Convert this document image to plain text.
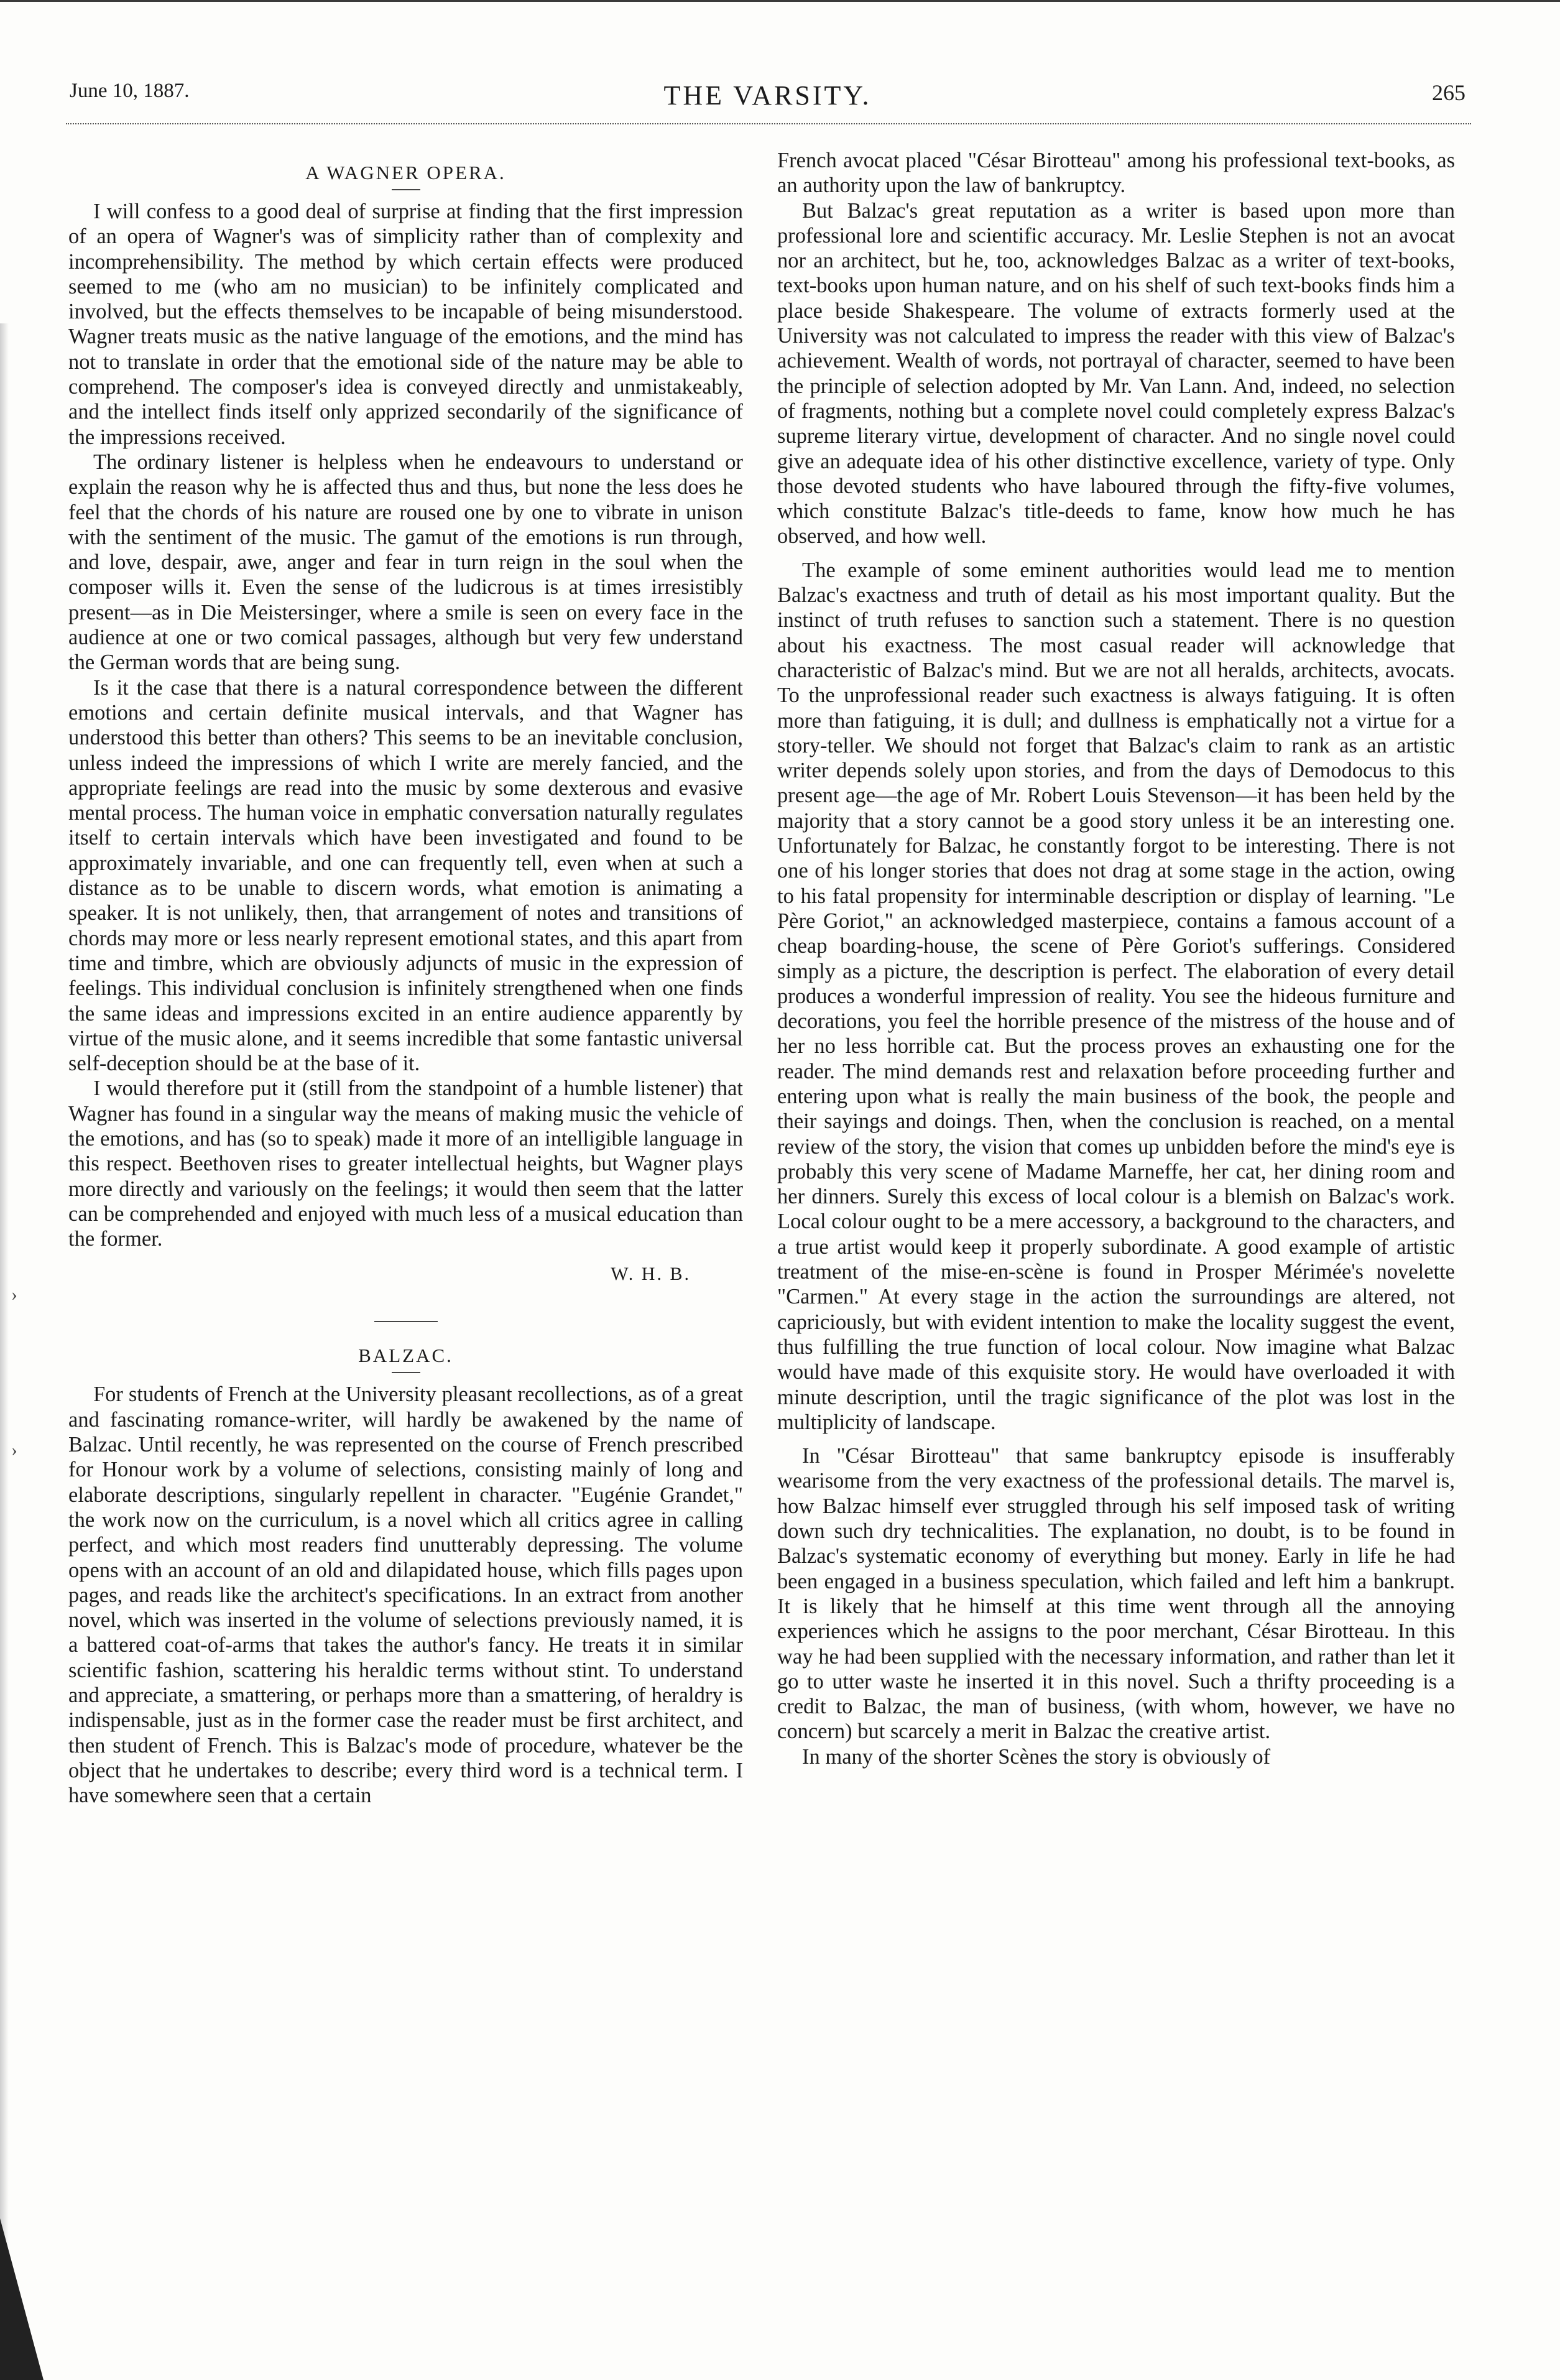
›
›
June 10, 1887.	THE VARSITY.	265
A WAGNER OPERA.

I will confess to a good deal of surprise at finding that the first impression of an opera of Wagner's was of simplicity rather than of complexity and incomprehensibility. The method by which certain effects were produced seemed to me (who am no musician) to be infinitely complicated and involved, but the effects themselves to be incapable of being misunderstood. Wagner treats music as the native language of the emotions, and the mind has not to translate in order that the emotional side of the nature may be able to comprehend. The composer's idea is conveyed directly and unmistakeably, and the intellect finds itself only apprized secondarily of the significance of the impressions received.

The ordinary listener is helpless when he endeavours to understand or explain the reason why he is affected thus and thus, but none the less does he feel that the chords of his nature are roused one by one to vibrate in unison with the sentiment of the music. The gamut of the emotions is run through, and love, despair, awe, anger and fear in turn reign in the soul when the composer wills it. Even the sense of the ludicrous is at times irresistibly present—as in Die Meistersinger, where a smile is seen on every face in the audience at one or two comical passages, although but very few understand the German words that are being sung.

Is it the case that there is a natural correspondence between the different emotions and certain definite musical intervals, and that Wagner has understood this better than others? This seems to be an inevitable conclusion, unless indeed the impressions of which I write are merely fancied, and the appropriate feelings are read into the music by some dexterous and evasive mental process. The human voice in emphatic conversation naturally regulates itself to certain intervals which have been investigated and found to be approximately invariable, and one can frequently tell, even when at such a distance as to be unable to discern words, what emotion is animating a speaker. It is not unlikely, then, that arrangement of notes and transitions of chords may more or less nearly represent emotional states, and this apart from time and timbre, which are obviously adjuncts of music in the expression of feelings. This individual conclusion is infinitely strengthened when one finds the same ideas and impressions excited in an entire audience apparently by virtue of the music alone, and it seems incredible that some fantastic universal self-deception should be at the base of it.

I would therefore put it (still from the standpoint of a humble listener) that Wagner has found in a singular way the means of making music the vehicle of the emotions, and has (so to speak) made it more of an intelligible language in this respect. Beethoven rises to greater intellectual heights, but Wagner plays more directly and variously on the feelings; it would then seem that the latter can be comprehended and enjoyed with much less of a musical education than the former.

W. H. B.
BALZAC.

For students of French at the University pleasant recollections, as of a great and fascinating romance-writer, will hardly be awakened by the name of Balzac. Until recently, he was represented on the course of French prescribed for Honour work by a volume of selections, consisting mainly of long and elaborate descriptions, singularly repellent in character. "Eugénie Grandet," the work now on the curriculum, is a novel which all critics agree in calling perfect, and which most readers find unutterably depressing. The volume opens with an account of an old and dilapidated house, which fills pages upon pages, and reads like the architect's specifications. In an extract from another novel, which was inserted in the volume of selections previously named, it is a battered coat-of-arms that takes the author's fancy. He treats it in similar scientific fashion, scattering his heraldic terms without stint. To understand and appreciate, a smattering, or perhaps more than a smattering, of heraldry is indispensable, just as in the former case the reader must be first architect, and then student of French. This is Balzac's mode of procedure, whatever be the object that he undertakes to describe; every third word is a technical term. I have somewhere seen that a certain

French avocat placed "César Birotteau" among his professional text-books, as an authority upon the law of bankruptcy.

But Balzac's great reputation as a writer is based upon more than professional lore and scientific accuracy. Mr. Leslie Stephen is not an avocat nor an architect, but he, too, acknowledges Balzac as a writer of text-books, text-books upon human nature, and on his shelf of such text-books finds him a place beside Shakespeare. The volume of extracts formerly used at the University was not calculated to impress the reader with this view of Balzac's achievement. Wealth of words, not portrayal of character, seemed to have been the principle of selection adopted by Mr. Van Lann. And, indeed, no selection of fragments, nothing but a complete novel could completely express Balzac's supreme literary virtue, development of character. And no single novel could give an adequate idea of his other distinctive excellence, variety of type. Only those devoted students who have laboured through the fifty-five volumes, which constitute Balzac's title-deeds to fame, know how much he has observed, and how well.

The example of some eminent authorities would lead me to mention Balzac's exactness and truth of detail as his most important quality. But the instinct of truth refuses to sanction such a statement. There is no question about his exactness. The most casual reader will acknowledge that characteristic of Balzac's mind. But we are not all heralds, architects, avocats. To the unprofessional reader such exactness is always fatiguing. It is often more than fatiguing, it is dull; and dullness is emphatically not a virtue for a story-teller. We should not forget that Balzac's claim to rank as an artistic writer depends solely upon stories, and from the days of Demodocus to this present age—the age of Mr. Robert Louis Stevenson—it has been held by the majority that a story cannot be a good story unless it be an interesting one. Unfortunately for Balzac, he constantly forgot to be interesting. There is not one of his longer stories that does not drag at some stage in the action, owing to his fatal propensity for interminable description or display of learning. "Le Père Goriot," an acknowledged masterpiece, contains a famous account of a cheap boarding-house, the scene of Père Goriot's sufferings. Considered simply as a picture, the description is perfect. The elaboration of every detail produces a wonderful impression of reality. You see the hideous furniture and decorations, you feel the horrible presence of the mistress of the house and of her no less horrible cat. But the process proves an exhausting one for the reader. The mind demands rest and relaxation before proceeding further and entering upon what is really the main business of the book, the people and their sayings and doings. Then, when the conclusion is reached, on a mental review of the story, the vision that comes up unbidden before the mind's eye is probably this very scene of Madame Marneffe, her cat, her dining room and her dinners. Surely this excess of local colour is a blemish on Balzac's work. Local colour ought to be a mere accessory, a background to the characters, and a true artist would keep it properly subordinate. A good example of artistic treatment of the mise-en-scène is found in Prosper Mérimée's novelette "Carmen." At every stage in the action the surroundings are altered, not capriciously, but with evident intention to make the locality suggest the event, thus fulfilling the true function of local colour. Now imagine what Balzac would have made of this exquisite story. He would have overloaded it with minute description, until the tragic significance of the plot was lost in the multiplicity of landscape.

In "César Birotteau" that same bankruptcy episode is insufferably wearisome from the very exactness of the professional details. The marvel is, how Balzac himself ever struggled through his self imposed task of writing down such dry technicalities. The explanation, no doubt, is to be found in Balzac's systematic economy of everything but money. Early in life he had been engaged in a business speculation, which failed and left him a bankrupt. It is likely that he himself at this time went through all the annoying experiences which he assigns to the poor merchant, César Birotteau. In this way he had been supplied with the necessary information, and rather than let it go to utter waste he inserted it in this novel. Such a thrifty proceeding is a credit to Balzac, the man of business, (with whom, however, we have no concern) but scarcely a merit in Balzac the creative artist.

In many of the shorter Scènes the story is obviously of
